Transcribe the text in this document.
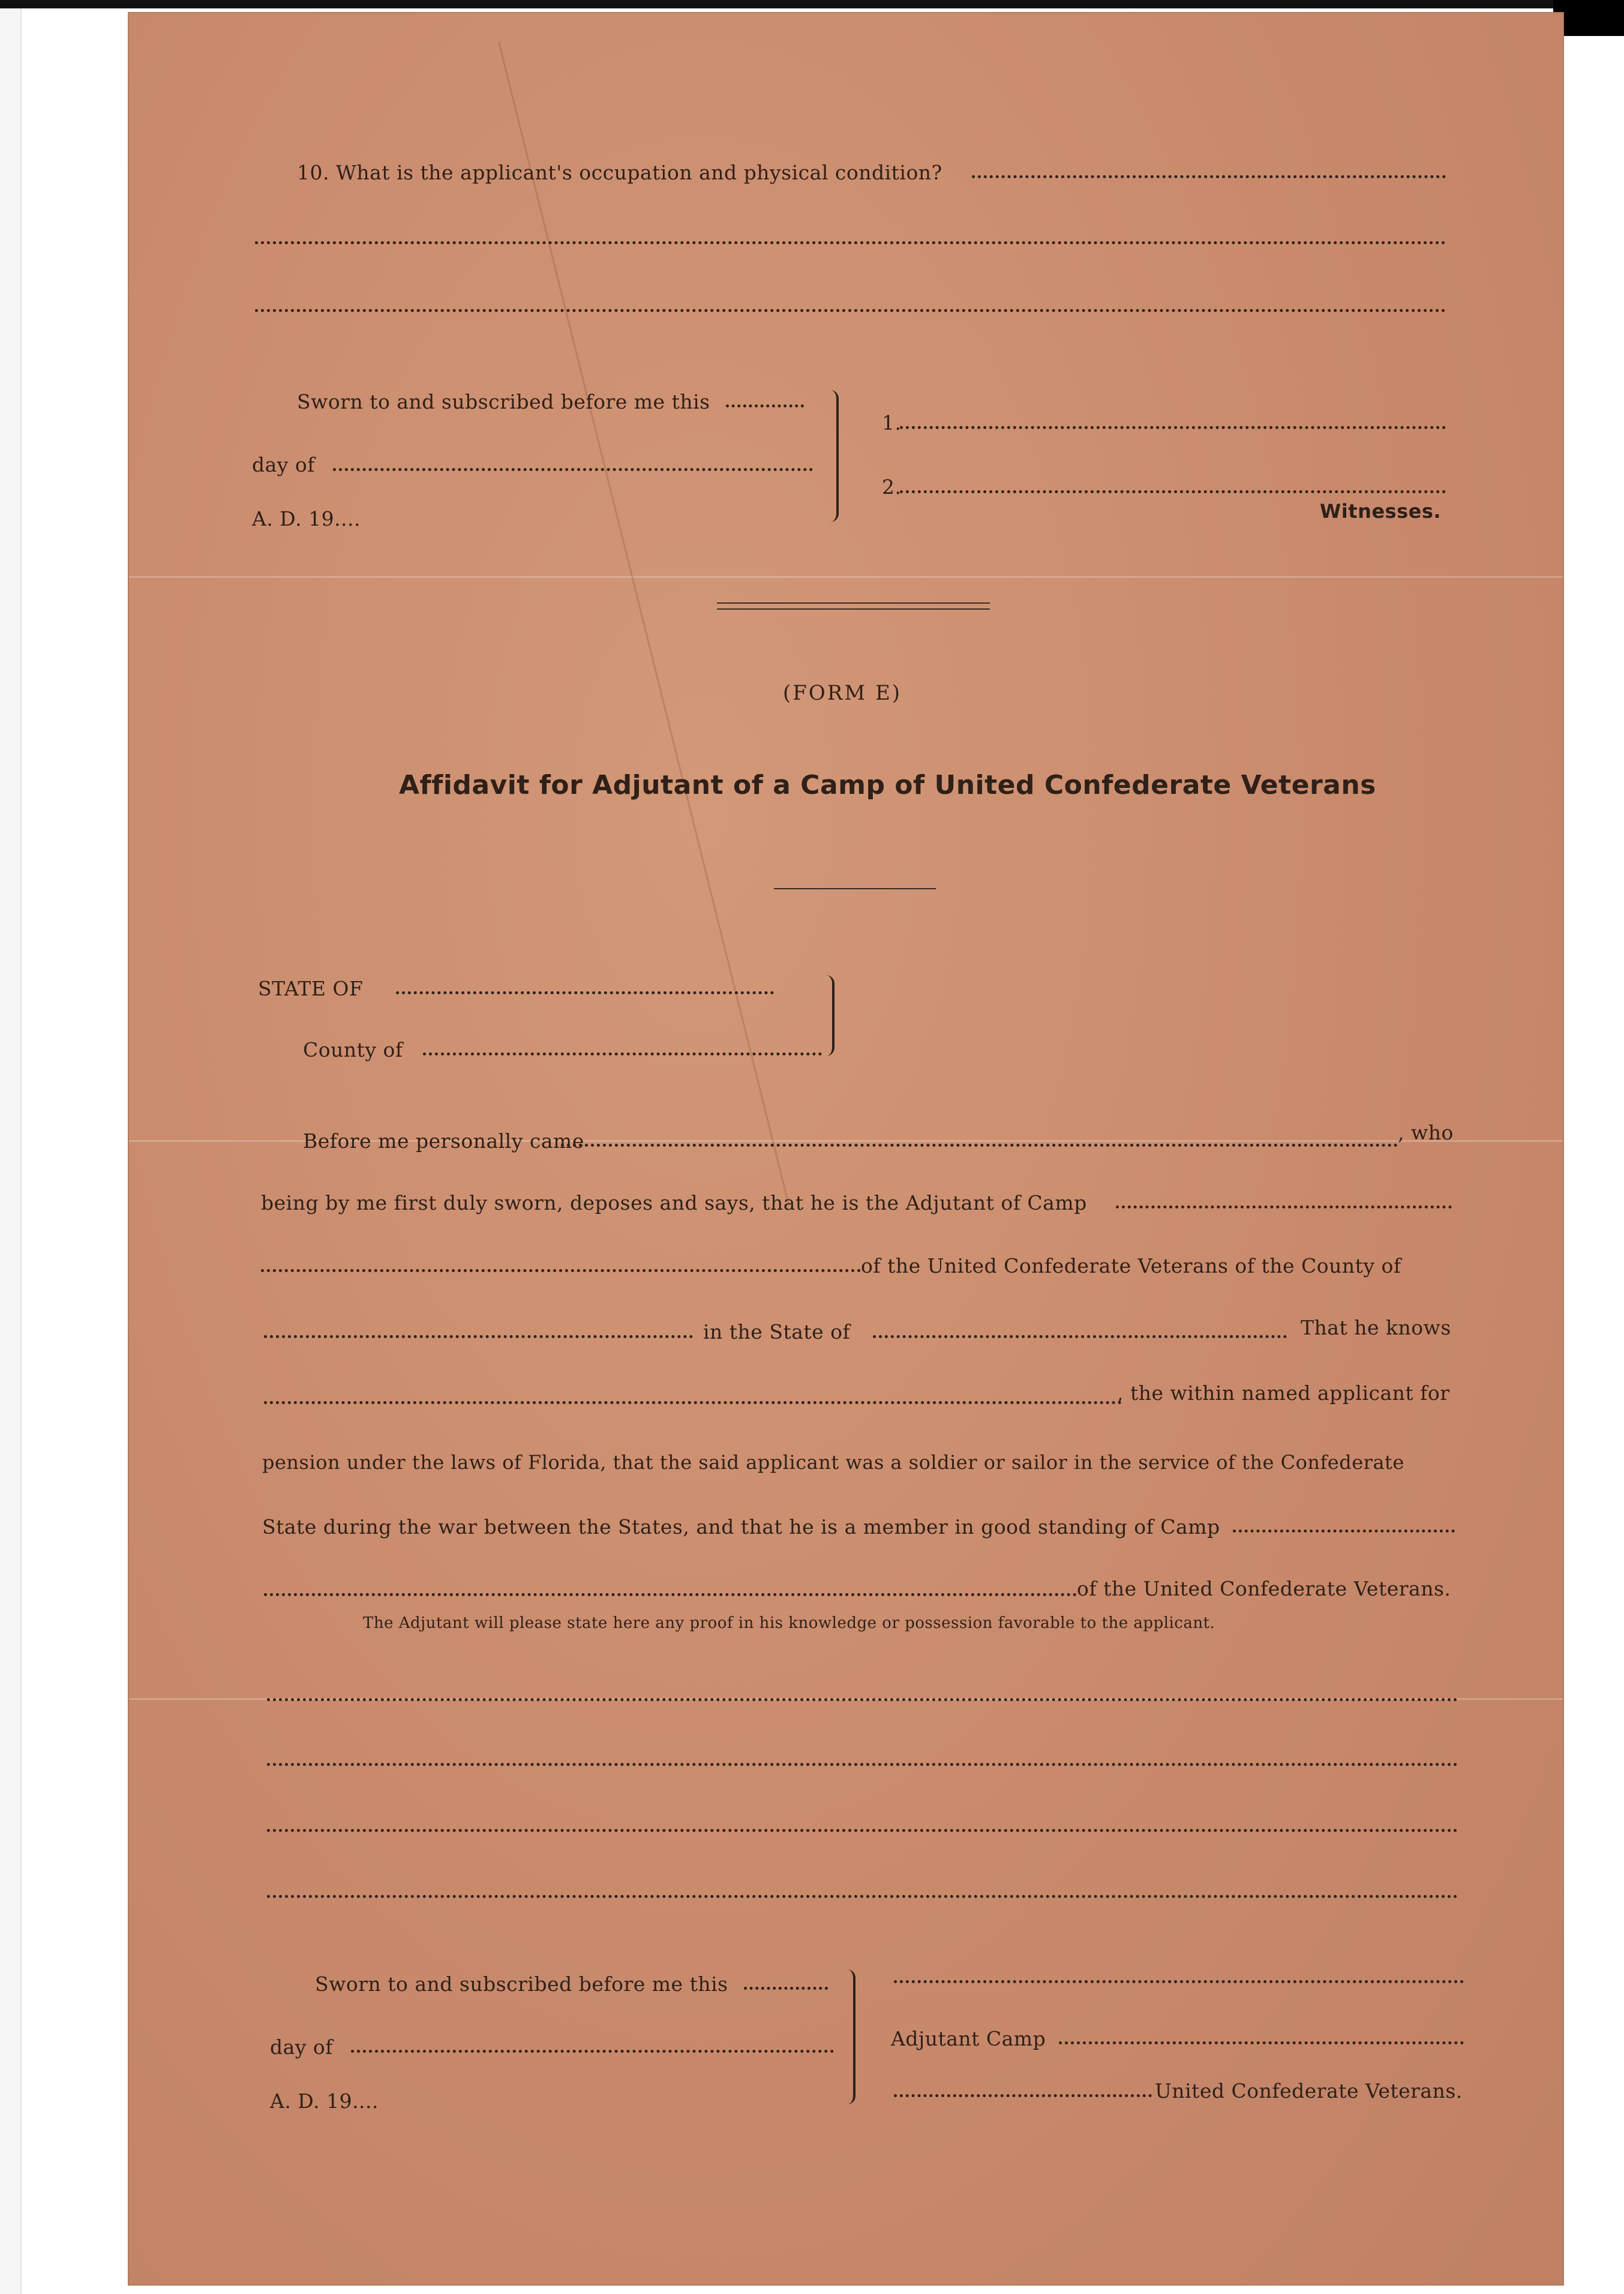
10. What is the applicant's occupation and physical condition?
Sworn to and subscribed before me this
day of
A. D. 19....
1.
2.
Witnesses.
(FORM E)
Affidavit for Adjutant of a Camp of United Confederate Veterans
STATE OF
County of
Before me personally came	, who
being by me first duly sworn, deposes and says, that he is the Adjutant of Camp
of the United Confederate Veterans of the County of
in the State of	That he knows
, the within named applicant for
pension under the laws of Florida, that the said applicant was a soldier or sailor in the service of the Confederate
State during the war between the States, and that he is a member in good standing of Camp
of the United Confederate Veterans.
The Adjutant will please state here any proof in his knowledge or possession favorable to the applicant.
Sworn to and subscribed before me this
day of
A. D. 19....
Adjutant Camp
United Confederate Veterans.
